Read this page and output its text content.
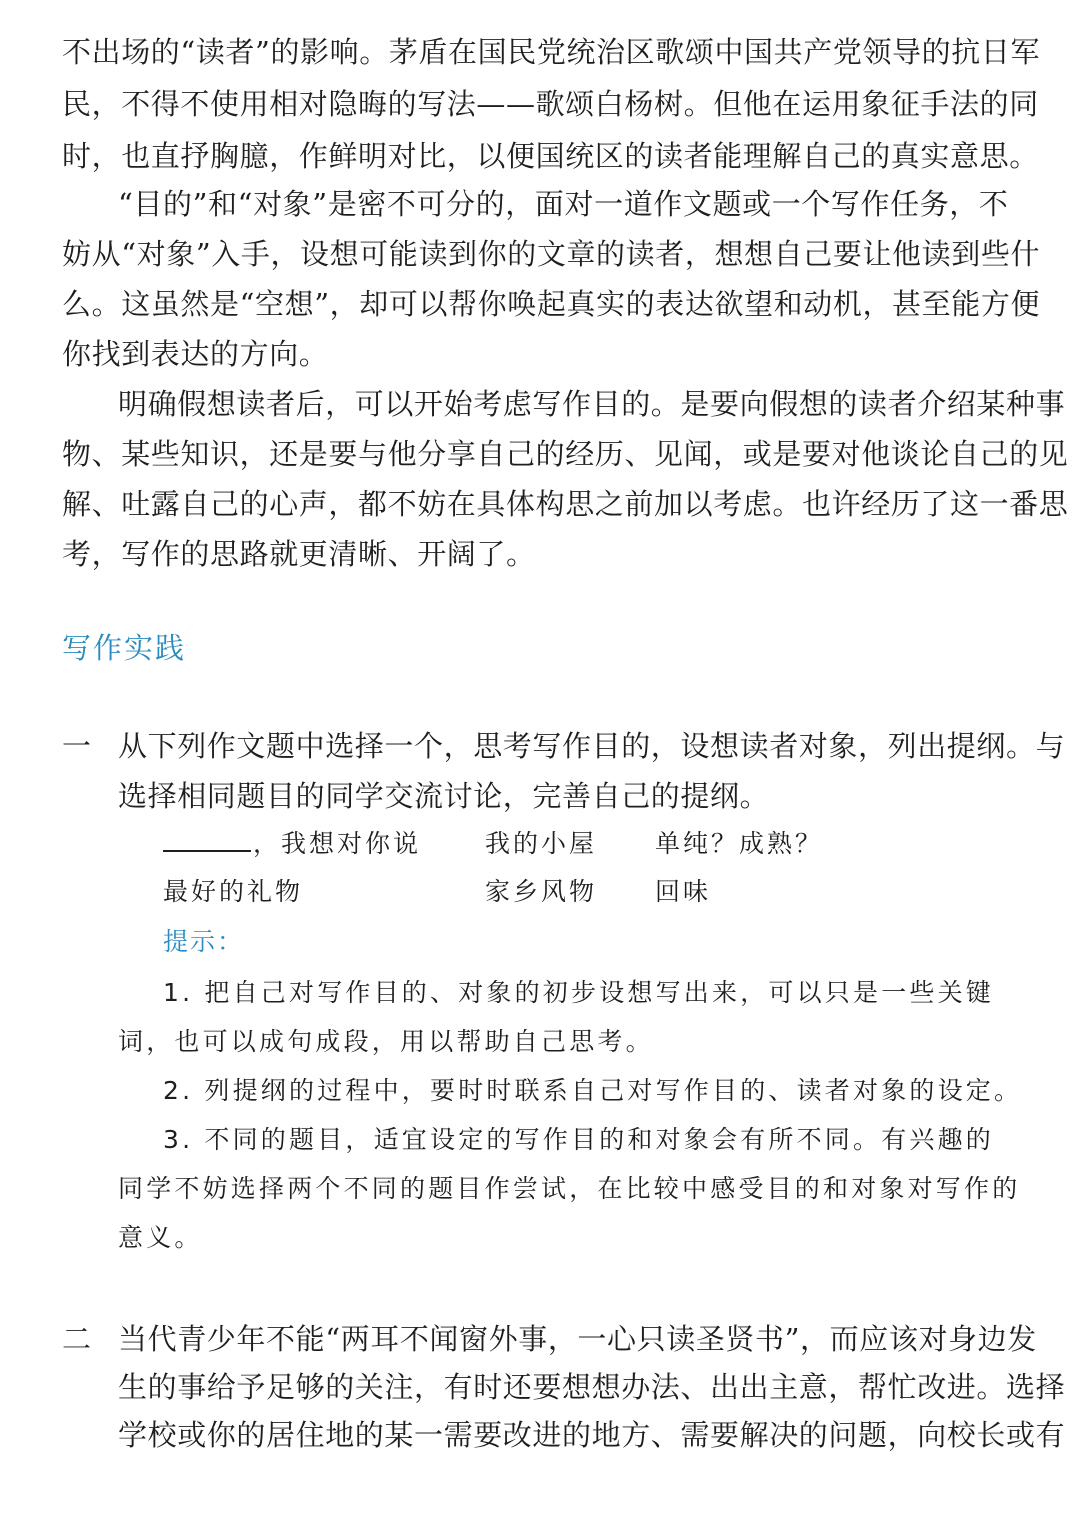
不出场的“读者”的影响。茅盾在国民党统治区歌颂中国共产党领导的抗日军
民，不得不使用相对隐晦的写法——歌颂白杨树。但他在运用象征手法的同
时，也直抒胸臆，作鲜明对比，以便国统区的读者能理解自己的真实意思。
“目的”和“对象”是密不可分的，面对一道作文题或一个写作任务，不
妨从“对象”入手，设想可能读到你的文章的读者，想想自己要让他读到些什
么。这虽然是“空想”，却可以帮你唤起真实的表达欲望和动机，甚至能方便
你找到表达的方向。
明确假想读者后，可以开始考虑写作目的。是要向假想的读者介绍某种事
物、某些知识，还是要与他分享自己的经历、见闻，或是要对他谈论自己的见
解、吐露自己的心声，都不妨在具体构思之前加以考虑。也许经历了这一番思
考，写作的思路就更清晰、开阔了。
写作实践
一 从下列作文题中选择一个，思考写作目的，设想读者对象，列出提纲。与
选择相同题目的同学交流讨论，完善自己的提纲。
，我想对你说	我的小屋 单纯？成熟？
最好的礼物	家乡风物 回味
提示：
1. 把自己对写作目的、对象的初步设想写出来，可以只是一些关键
词，也可以成句成段，用以帮助自己思考。
2. 列提纲的过程中，要时时联系自己对写作目的、读者对象的设定。
3. 不同的题目，适宜设定的写作目的和对象会有所不同。有兴趣的
同学不妨选择两个不同的题目作尝试，在比较中感受目的和对象对写作的
意义。
二 当代青少年不能“两耳不闻窗外事，一心只读圣贤书”，而应该对身边发
生的事给予足够的关注，有时还要想想办法、出出主意，帮忙改进。选择
学校或你的居住地的某一需要改进的地方、需要解决的问题，向校长或有
